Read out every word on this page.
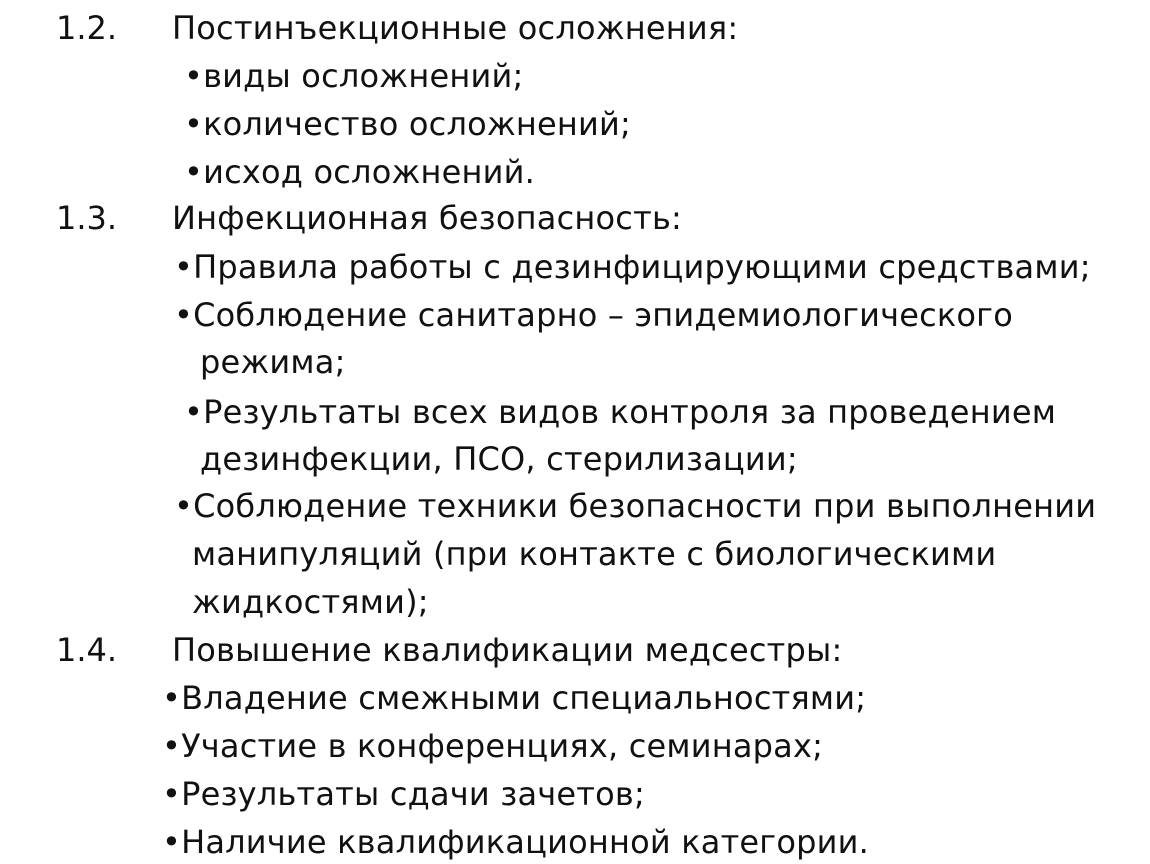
1.2. Постинъекционные осложнения:
•виды осложнений;
•количество осложнений;
•исход осложнений.
1.3. Инфекционная безопасность:
•Правила работы с дезинфицирующими средствами;
•Соблюдение санитарно – эпидемиологического
режима;
•Результаты всех видов контроля за проведением
дезинфекции, ПСО, стерилизации;
•Соблюдение техники безопасности при выполнении
манипуляций (при контакте с биологическими
жидкостями);
1.4. Повышение квалификации медсестры:
•Владение смежными специальностями;
•Участие в конференциях, семинарах;
•Результаты сдачи зачетов;
•Наличие квалификационной категории.
